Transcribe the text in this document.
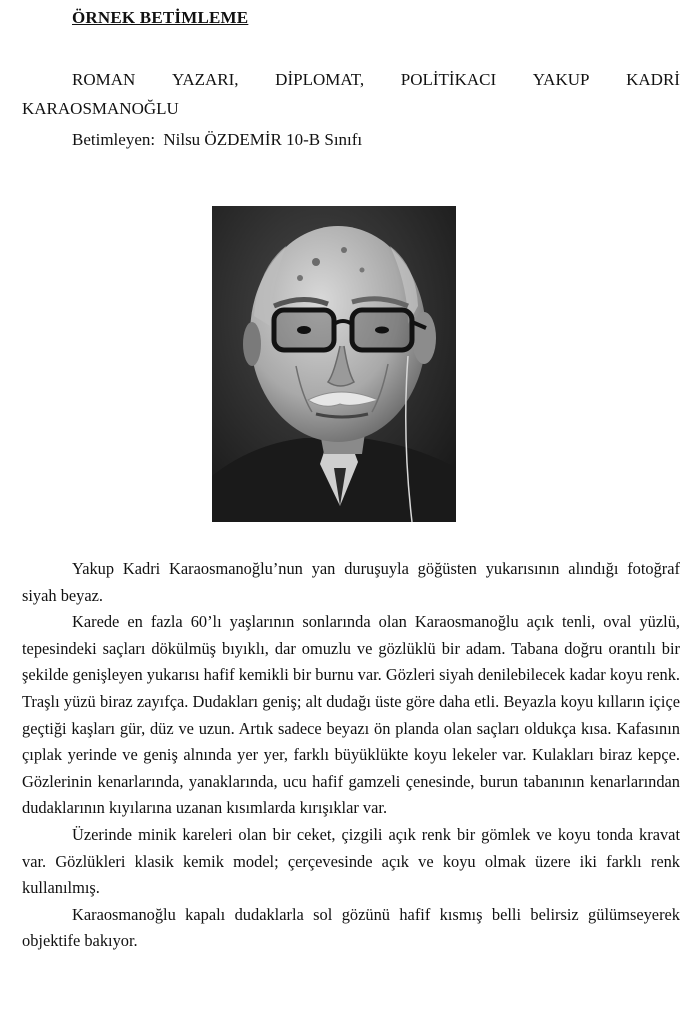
ÖRNEK BETİMLEME
ROMAN YAZARI, DİPLOMAT, POLİTİKACI YAKUP KADRİ
KARAOSMANOĞLU
Betimleyen: Nilsu ÖZDEMİR 10-B Sınıfı

Yakup Kadri Karaosmanoğlu’nun yan duruşuyla göğüsten yukarısının alındığı fotoğraf siyah beyaz.

Karede en fazla 60’lı yaşlarının sonlarında olan Karaosmanoğlu açık tenli, oval yüzlü, tepesindeki saçları dökülmüş bıyıklı, dar omuzlu ve gözlüklü bir adam. Tabana doğru orantılı bir şekilde genişleyen yukarısı hafif kemikli bir burnu var. Gözleri siyah denilebilecek kadar koyu renk. Traşlı yüzü biraz zayıfça. Dudakları geniş; alt dudağı üste göre daha etli. Beyazla koyu kılların içiçe geçtiği kaşları gür, düz ve uzun. Artık sadece beyazı ön planda olan saçları oldukça kısa. Kafasının çıplak yerinde ve geniş alnında yer yer, farklı büyüklükte koyu lekeler var. Kulakları biraz kepçe. Gözlerinin kenarlarında, yanaklarında, ucu hafif gamzeli çenesinde, burun tabanının kenarlarından dudaklarının kıyılarına uzanan kısımlarda kırışıklar var.

Üzerinde minik kareleri olan bir ceket, çizgili açık renk bir gömlek ve koyu tonda kravat var. Gözlükleri klasik kemik model; çerçevesinde açık ve koyu olmak üzere iki farklı renk kullanılmış.

Karaosmanoğlu kapalı dudaklarla sol gözünü hafif kısmış belli belirsiz gülümseyerek objektife bakıyor.
